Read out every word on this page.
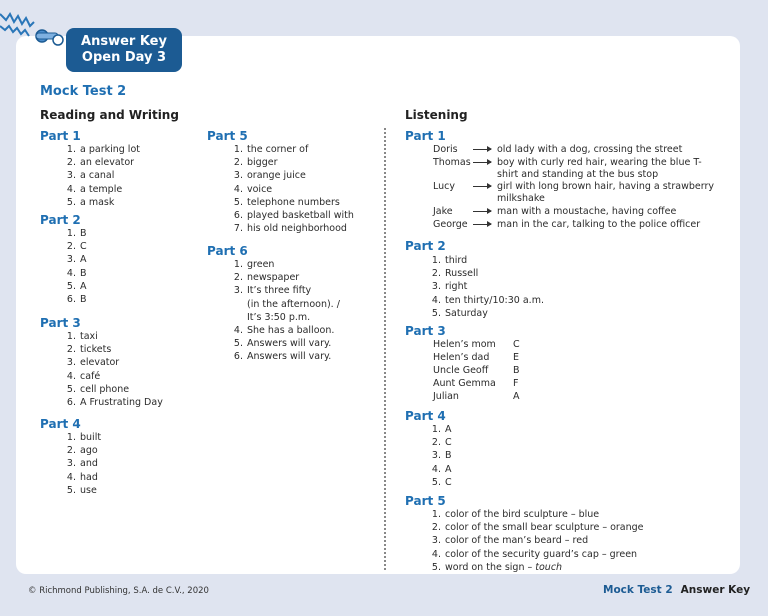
Answer Key
Open Day 3
Mock Test 2
Reading and Writing
Part 1
1. a parking lot
2. an elevator
3. a canal
4. a temple
5. a mask
Part 2
1. B
2. C
3. A
4. B
5. A
6. B
Part 3
1. taxi
2. tickets
3. elevator
4. café
5. cell phone
6. A Frustrating Day
Part 4
1. built
2. ago
3. and
4. had
5. use
Part 5
1. the corner of
2. bigger
3. orange juice
4. voice
5. telephone numbers
6. played basketball with
7. his old neighborhood
Part 6
1. green
2. newspaper
3. It’s three fifty
(in the afternoon). /
It’s 3:50 p.m.
4. She has a balloon.
5. Answers will vary.
6. Answers will vary.
Listening
Part 1
Doris	old lady with a dog, crossing the street
Thomas	boy with curly red hair, wearing the blue T-shirt and standing at the bus stop
Lucy	girl with long brown hair, having a strawberry milkshake
Jake	man with a moustache, having coffee
George	man in the car, talking to the police officer
Part 2
1. third
2. Russell
3. right
4. ten thirty/10:30 a.m.
5. Saturday
Part 3
Helen’s mom C
Helen’s dad E
Uncle Geoff	B
Aunt Gemma F
Julian	A
Part 4
1. A
2. C
3. B
4. A
5. C
Part 5
1. color of the bird sculpture – blue
2. color of the small bear sculpture – orange
3. color of the man’s beard – red
4. color of the security guard’s cap – green
5. word on the sign – touch
© Richmond Publishing, S.A. de C.V., 2020	Mock Test 2 Answer Key
